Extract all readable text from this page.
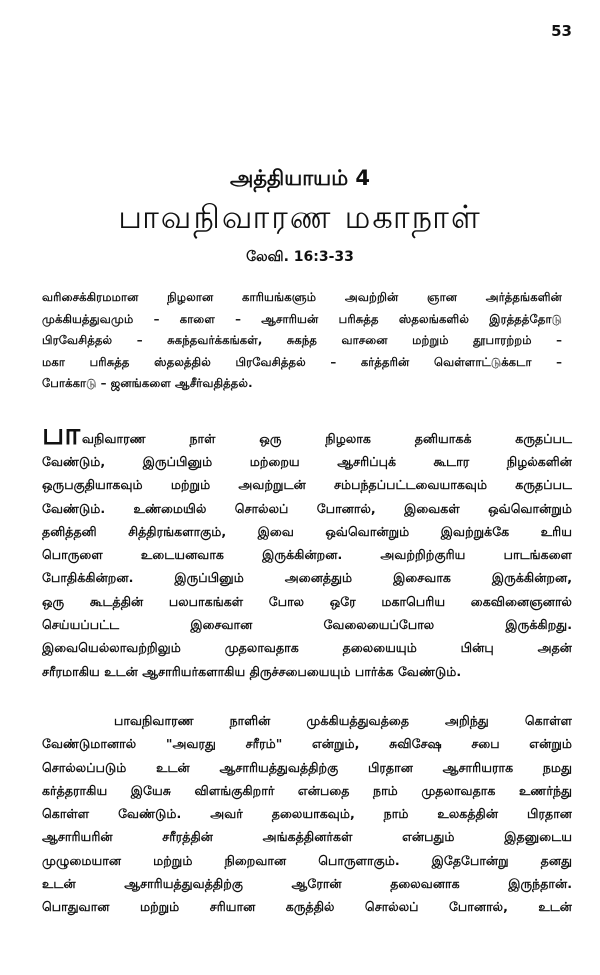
53
அத்தியாயம் 4
பாவநிவாரண மகாநாள்
லேவி. 16:3-33
வரிசைக்கிரமமான நிழலான காரியங்களும் அவற்றின் ஞான அர்த்தங்களின்
முக்கியத்துவமும் – காளை – ஆசாரியன் பரிசுத்த ஸ்தலங்களில் இரத்தத்தோடு
பிரவேசித்தல் – சுகந்தவர்க்கங்கள், சுகந்த வாசனை மற்றும் தூபாரற்றம் –
மகா பரிசுத்த ஸ்தலத்தில் பிரவேசித்தல் – கர்த்தரின் வெள்ளாட்டுக்கடா –
போக்காடு – ஜனங்களை ஆசீர்வதித்தல்.
பா வநிவாரண நாள் ஒரு நிழலாக தனியாகக் கருதப்பட
வேண்டும், இருப்பினும் மற்றைய ஆசரிப்புக் கூடார நிழல்களின்
ஒருபகுதியாகவும் மற்றும் அவற்றுடன் சம்பந்தப்பட்டவையாகவும் கருதப்பட
வேண்டும். உண்மையில் சொல்லப் போனால், இவைகள் ஒவ்வொன்றும்
தனித்தனி சித்திரங்களாகும், இவை ஒவ்வொன்றும் இவற்றுக்கே உரிய
பொருளை உடையனவாக இருக்கின்றன. அவற்றிற்குரிய பாடங்களை
போதிக்கின்றன. இருப்பினும் அனைத்தும் இசைவாக இருக்கின்றன,
ஒரு கூடத்தின் பலபாகங்கள் போல ஒரே மகாபெரிய கைவினைஞனால்
செய்யப்பட்ட இசைவான வேலையைப்போல இருக்கிறது.
இவையெல்லாவற்றிலும் முதலாவதாக தலையையும் பின்பு அதன்
சரீரமாகிய உடன் ஆசாரியர்களாகிய திருச்சபையையும் பார்க்க வேண்டும்.
பாவநிவாரண நாளின் முக்கியத்துவத்தை அறிந்து கொள்ள
வேண்டுமானால் "அவரது சரீரம்" என்றும், சுவிசேஷ சபை என்றும்
சொல்லப்படும் உடன் ஆசாரியத்துவத்திற்கு பிரதான ஆசாரியராக நமது
கர்த்தராகிய இயேசு விளங்குகிறார் என்பதை நாம் முதலாவதாக உணர்ந்து
கொள்ள வேண்டும். அவர் தலையாகவும், நாம் உலகத்தின் பிரதான
ஆசாரியரின் சரீரத்தின் அங்கத்தினர்கள் என்பதும் இதனுடைய
முழுமையான மற்றும் நிறைவான பொருளாகும். இதேபோன்று தனது
உடன் ஆசாரியத்துவத்திற்கு ஆரோன் தலைவனாக இருந்தான்.
பொதுவான மற்றும் சரியான கருத்தில் சொல்லப் போனால், உடன்
